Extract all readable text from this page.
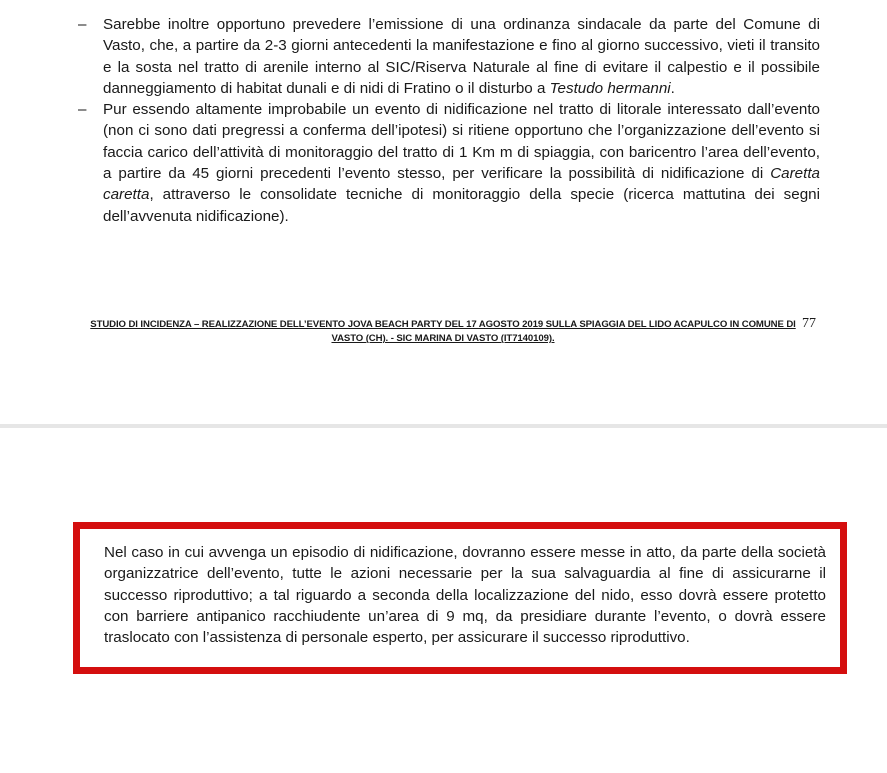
– Sarebbe inoltre opportuno prevedere l’emissione di una ordinanza sindacale da parte del Comune di Vasto, che, a partire da 2-3 giorni antecedenti la manifestazione e fino al giorno successivo, vieti il transito e la sosta nel tratto di arenile interno al SIC/Riserva Naturale al fine di evitare il calpestio e il possibile danneggiamento di habitat dunali e di nidi di Fratino o il disturbo a Testudo hermanni.
– Pur essendo altamente improbabile un evento di nidificazione nel tratto di litorale interessato dall’evento (non ci sono dati pregressi a conferma dell’ipotesi) si ritiene opportuno che l’organizzazione dell’evento si faccia carico dell’attività di monitoraggio del tratto di 1 Km m di spiaggia, con baricentro l’area dell’evento, a partire da 45 giorni precedenti l’evento stesso, per verificare la possibilità di nidificazione di Caretta caretta, attraverso le consolidate tecniche di monitoraggio della specie (ricerca mattutina dei segni dell’avvenuta nidificazione).
STUDIO DI INCIDENZA – REALIZZAZIONE DELL’EVENTO JOVA BEACH PARTY DEL 17 AGOSTO 2019 SULLA SPIAGGIA DEL LIDO ACAPULCO IN COMUNE DI
VASTO (CH). - SIC MARINA DI VASTO (IT7140109).
77

Nel caso in cui avvenga un episodio di nidificazione, dovranno essere messe in atto, da parte della società organizzatrice dell’evento, tutte le azioni necessarie per la sua salvaguardia al fine di assicurarne il successo riproduttivo; a tal riguardo a seconda della localizzazione del nido, esso dovrà essere protetto con barriere antipanico racchiudente un’area di 9 mq, da presidiare durante l’evento, o dovrà essere traslocato con l’assistenza di personale esperto, per assicurare il successo riproduttivo.
